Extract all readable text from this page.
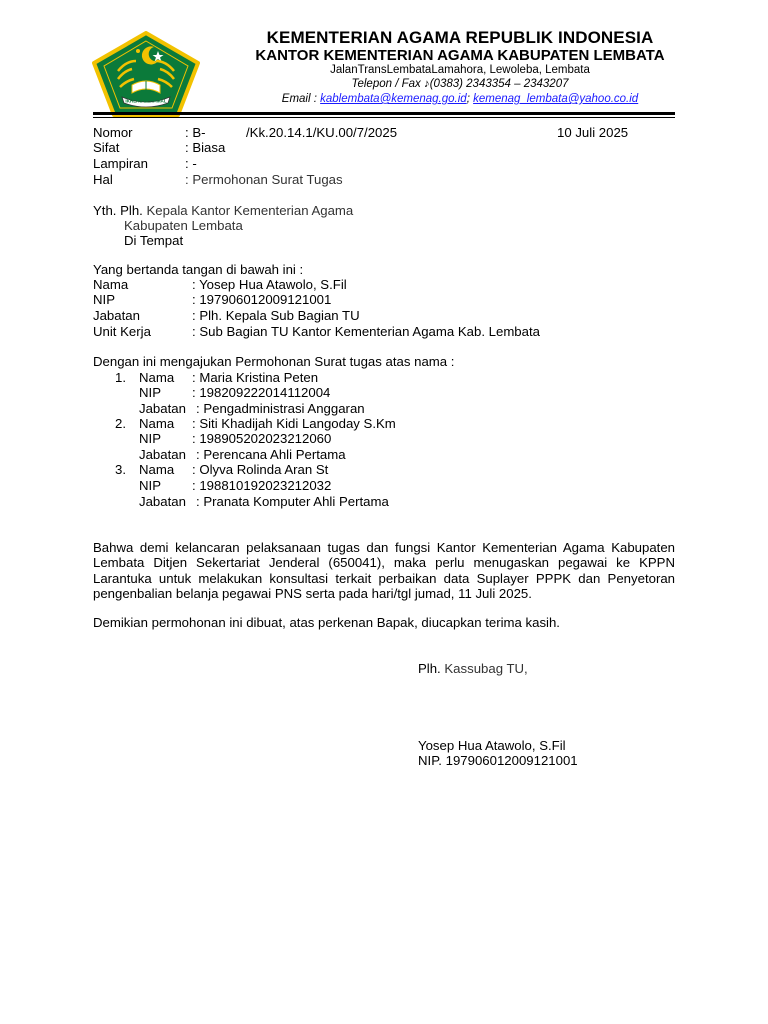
IKHLAS BERAMAL
KEMENTERIAN AGAMA REPUBLIK INDONESIA
KANTOR KEMENTERIAN AGAMA KABUPATEN LEMBATA
JalanTransLembataLamahora, Lewoleba, Lembata
Telepon / Fax ♪(0383) 2343354 – 2343207
Email : kablembata@kemenag.go.id; kemenag_lembata@yahoo.co.id
Nomor	: B-	/Kk.20.14.1/KU.00/7/2025	10 Juli 2025
Sifat	: Biasa
Lampiran	: -
Hal	: Permohonan Surat Tugas
Yth. Plh. Kepala Kantor Kementerian Agama
Kabupaten Lembata
Di Tempat
Yang bertanda tangan di bawah ini :
Nama	: Yosep Hua Atawolo, S.Fil
NIP	: 197906012009121001
Jabatan	: Plh. Kepala Sub Bagian TU
Unit Kerja	: Sub Bagian TU Kantor Kementerian Agama Kab. Lembata
Dengan ini mengajukan Permohonan Surat tugas atas nama :
1. Nama : Maria Kristina Peten
NIP : 198209222014112004
Jabatan : Pengadministrasi Anggaran
2. Nama : Siti Khadijah Kidi Langoday S.Km
NIP : 198905202023212060
Jabatan : Perencana Ahli Pertama
3. Nama : Olyva Rolinda Aran St
NIP : 198810192023212032
Jabatan : Pranata Komputer Ahli Pertama
Bahwa demi kelancaran pelaksanaan tugas dan fungsi Kantor Kementerian Agama Kabupaten Lembata Ditjen Sekertariat Jenderal (650041), maka perlu menugaskan pegawai ke KPPN Larantuka untuk melakukan konsultasi terkait perbaikan data Suplayer PPPK dan Penyetoran pengenbalian belanja pegawai PNS serta pada hari/tgl jumad, 11 Juli 2025.
Demikian permohonan ini dibuat, atas perkenan Bapak, diucapkan terima kasih.
Plh. Kassubag TU,
Yosep Hua Atawolo, S.Fil
NIP. 197906012009121001
